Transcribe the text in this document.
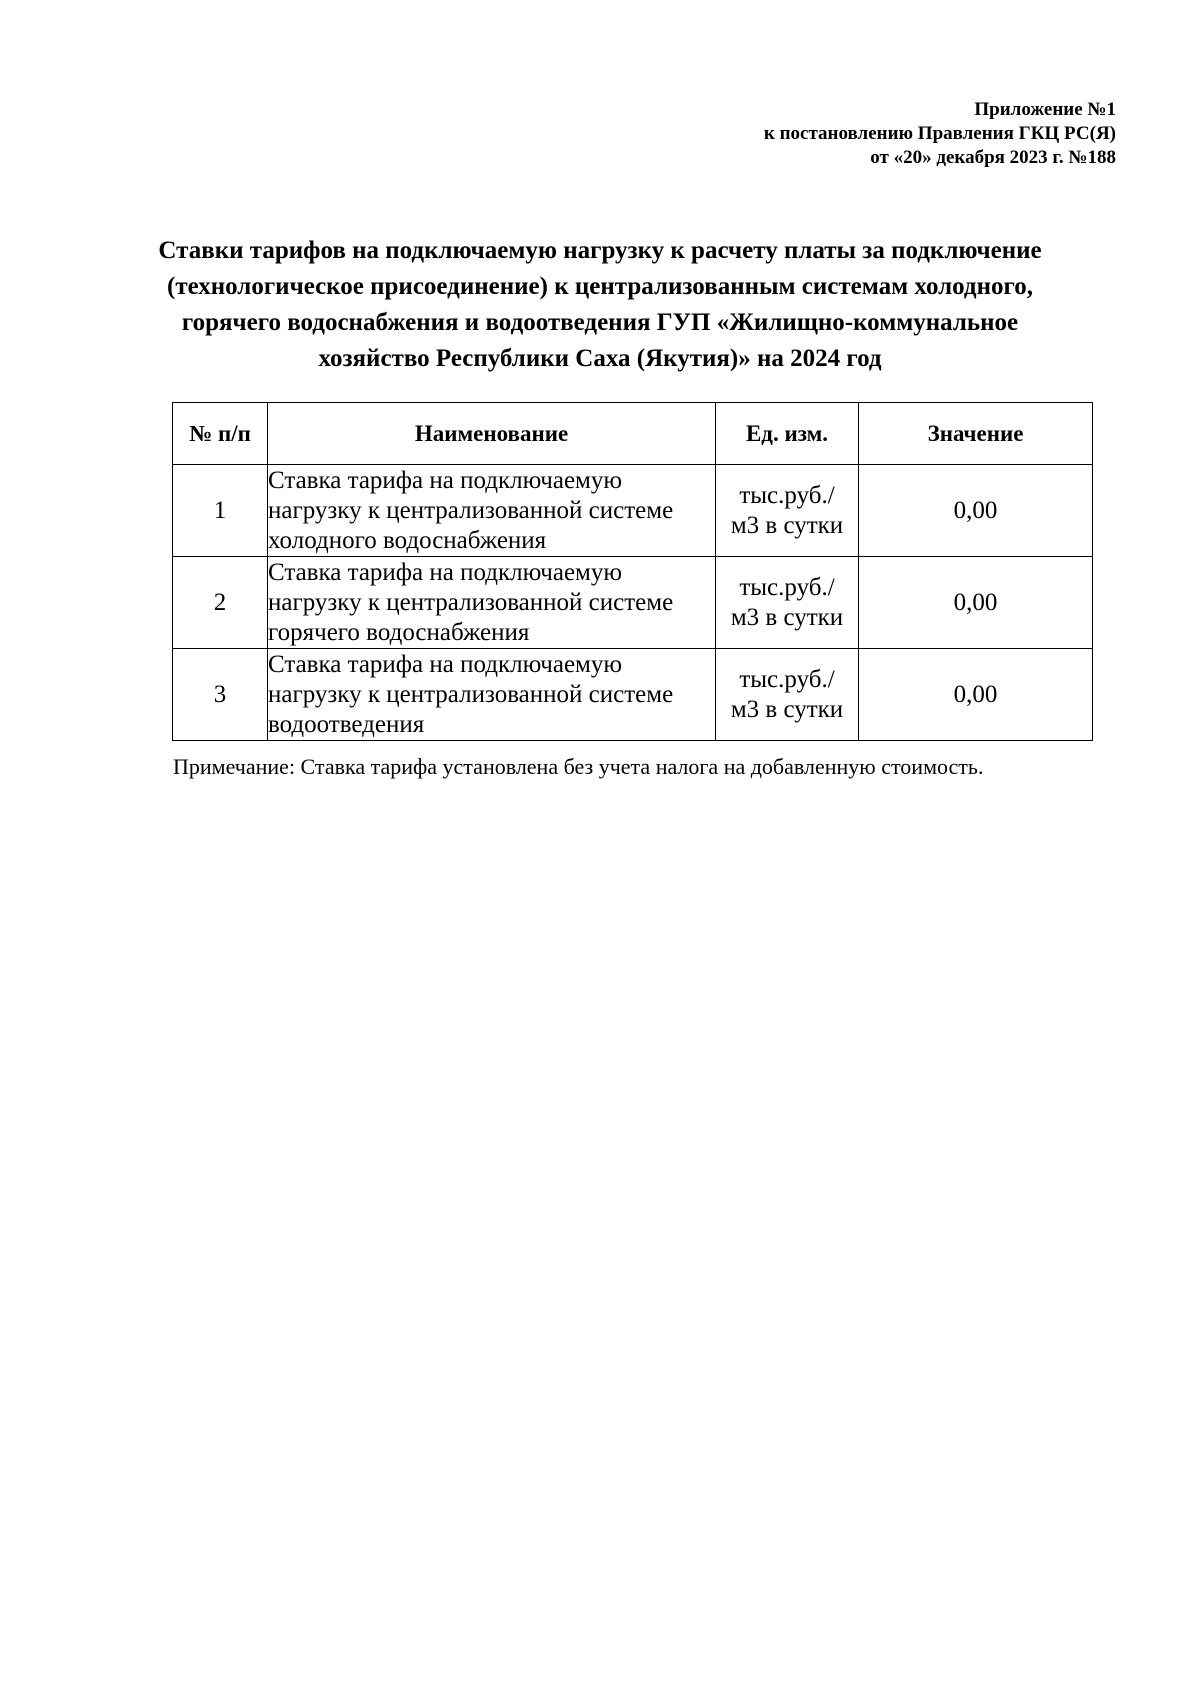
Приложение №1
к постановлению Правления ГКЦ РС(Я)
от «20» декабря 2023 г. №188
Ставки тарифов на подключаемую нагрузку к расчету платы за подключение
(технологическое присоединение) к централизованным системам холодного,
горячего водоснабжения и водоотведения ГУП «Жилищно-коммунальное
хозяйство Республики Саха (Якутия)» на 2024 год
№ п/п	Наименование	Ед. изм.	Значение
1	Ставка тарифа на подключаемую
нагрузку к централизованной системе
холодного водоснабжения	тыс.руб./
м3 в сутки	0,00
2	Ставка тарифа на подключаемую
нагрузку к централизованной системе
горячего водоснабжения	тыс.руб./
м3 в сутки	0,00
3	Ставка тарифа на подключаемую
нагрузку к централизованной системе
водоотведения	тыс.руб./
м3 в сутки	0,00
Примечание: Ставка тарифа установлена без учета налога на добавленную стоимость.
